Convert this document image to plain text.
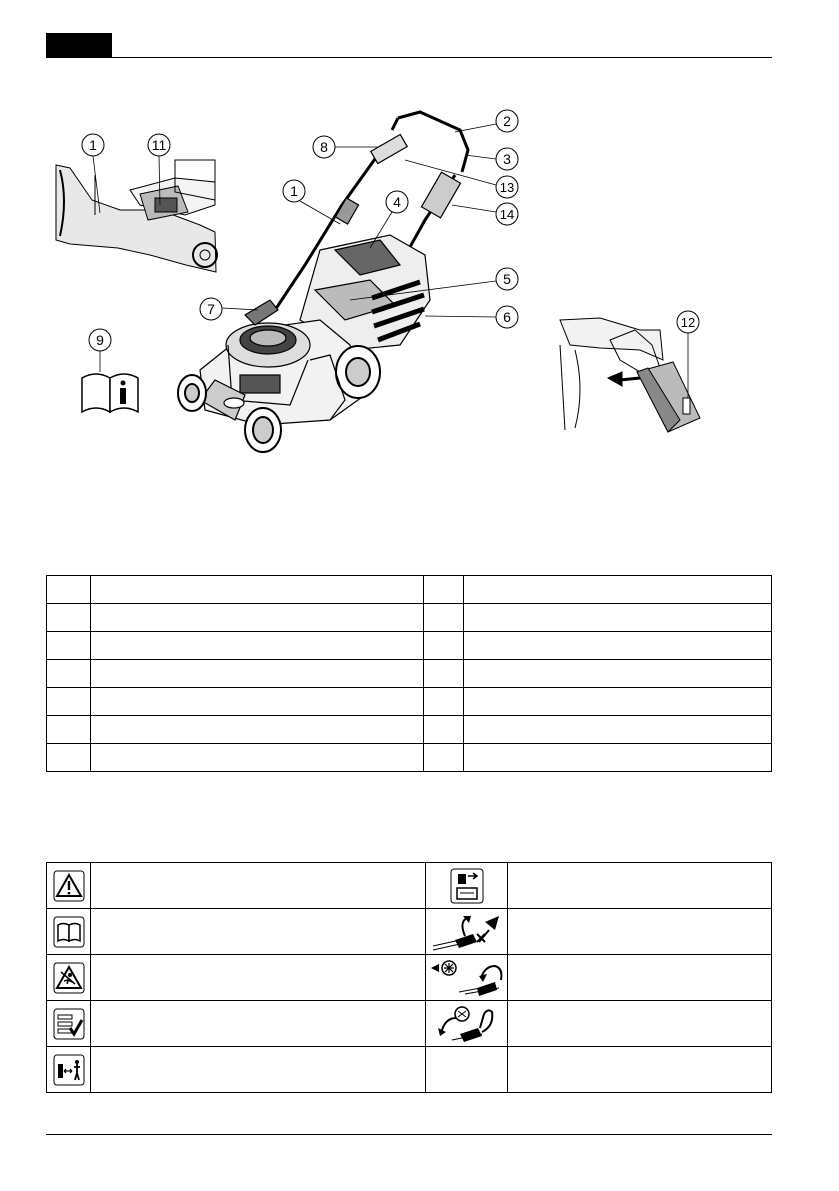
1	11
9
2
8
3
13
1
14
4
5
7	6	12
